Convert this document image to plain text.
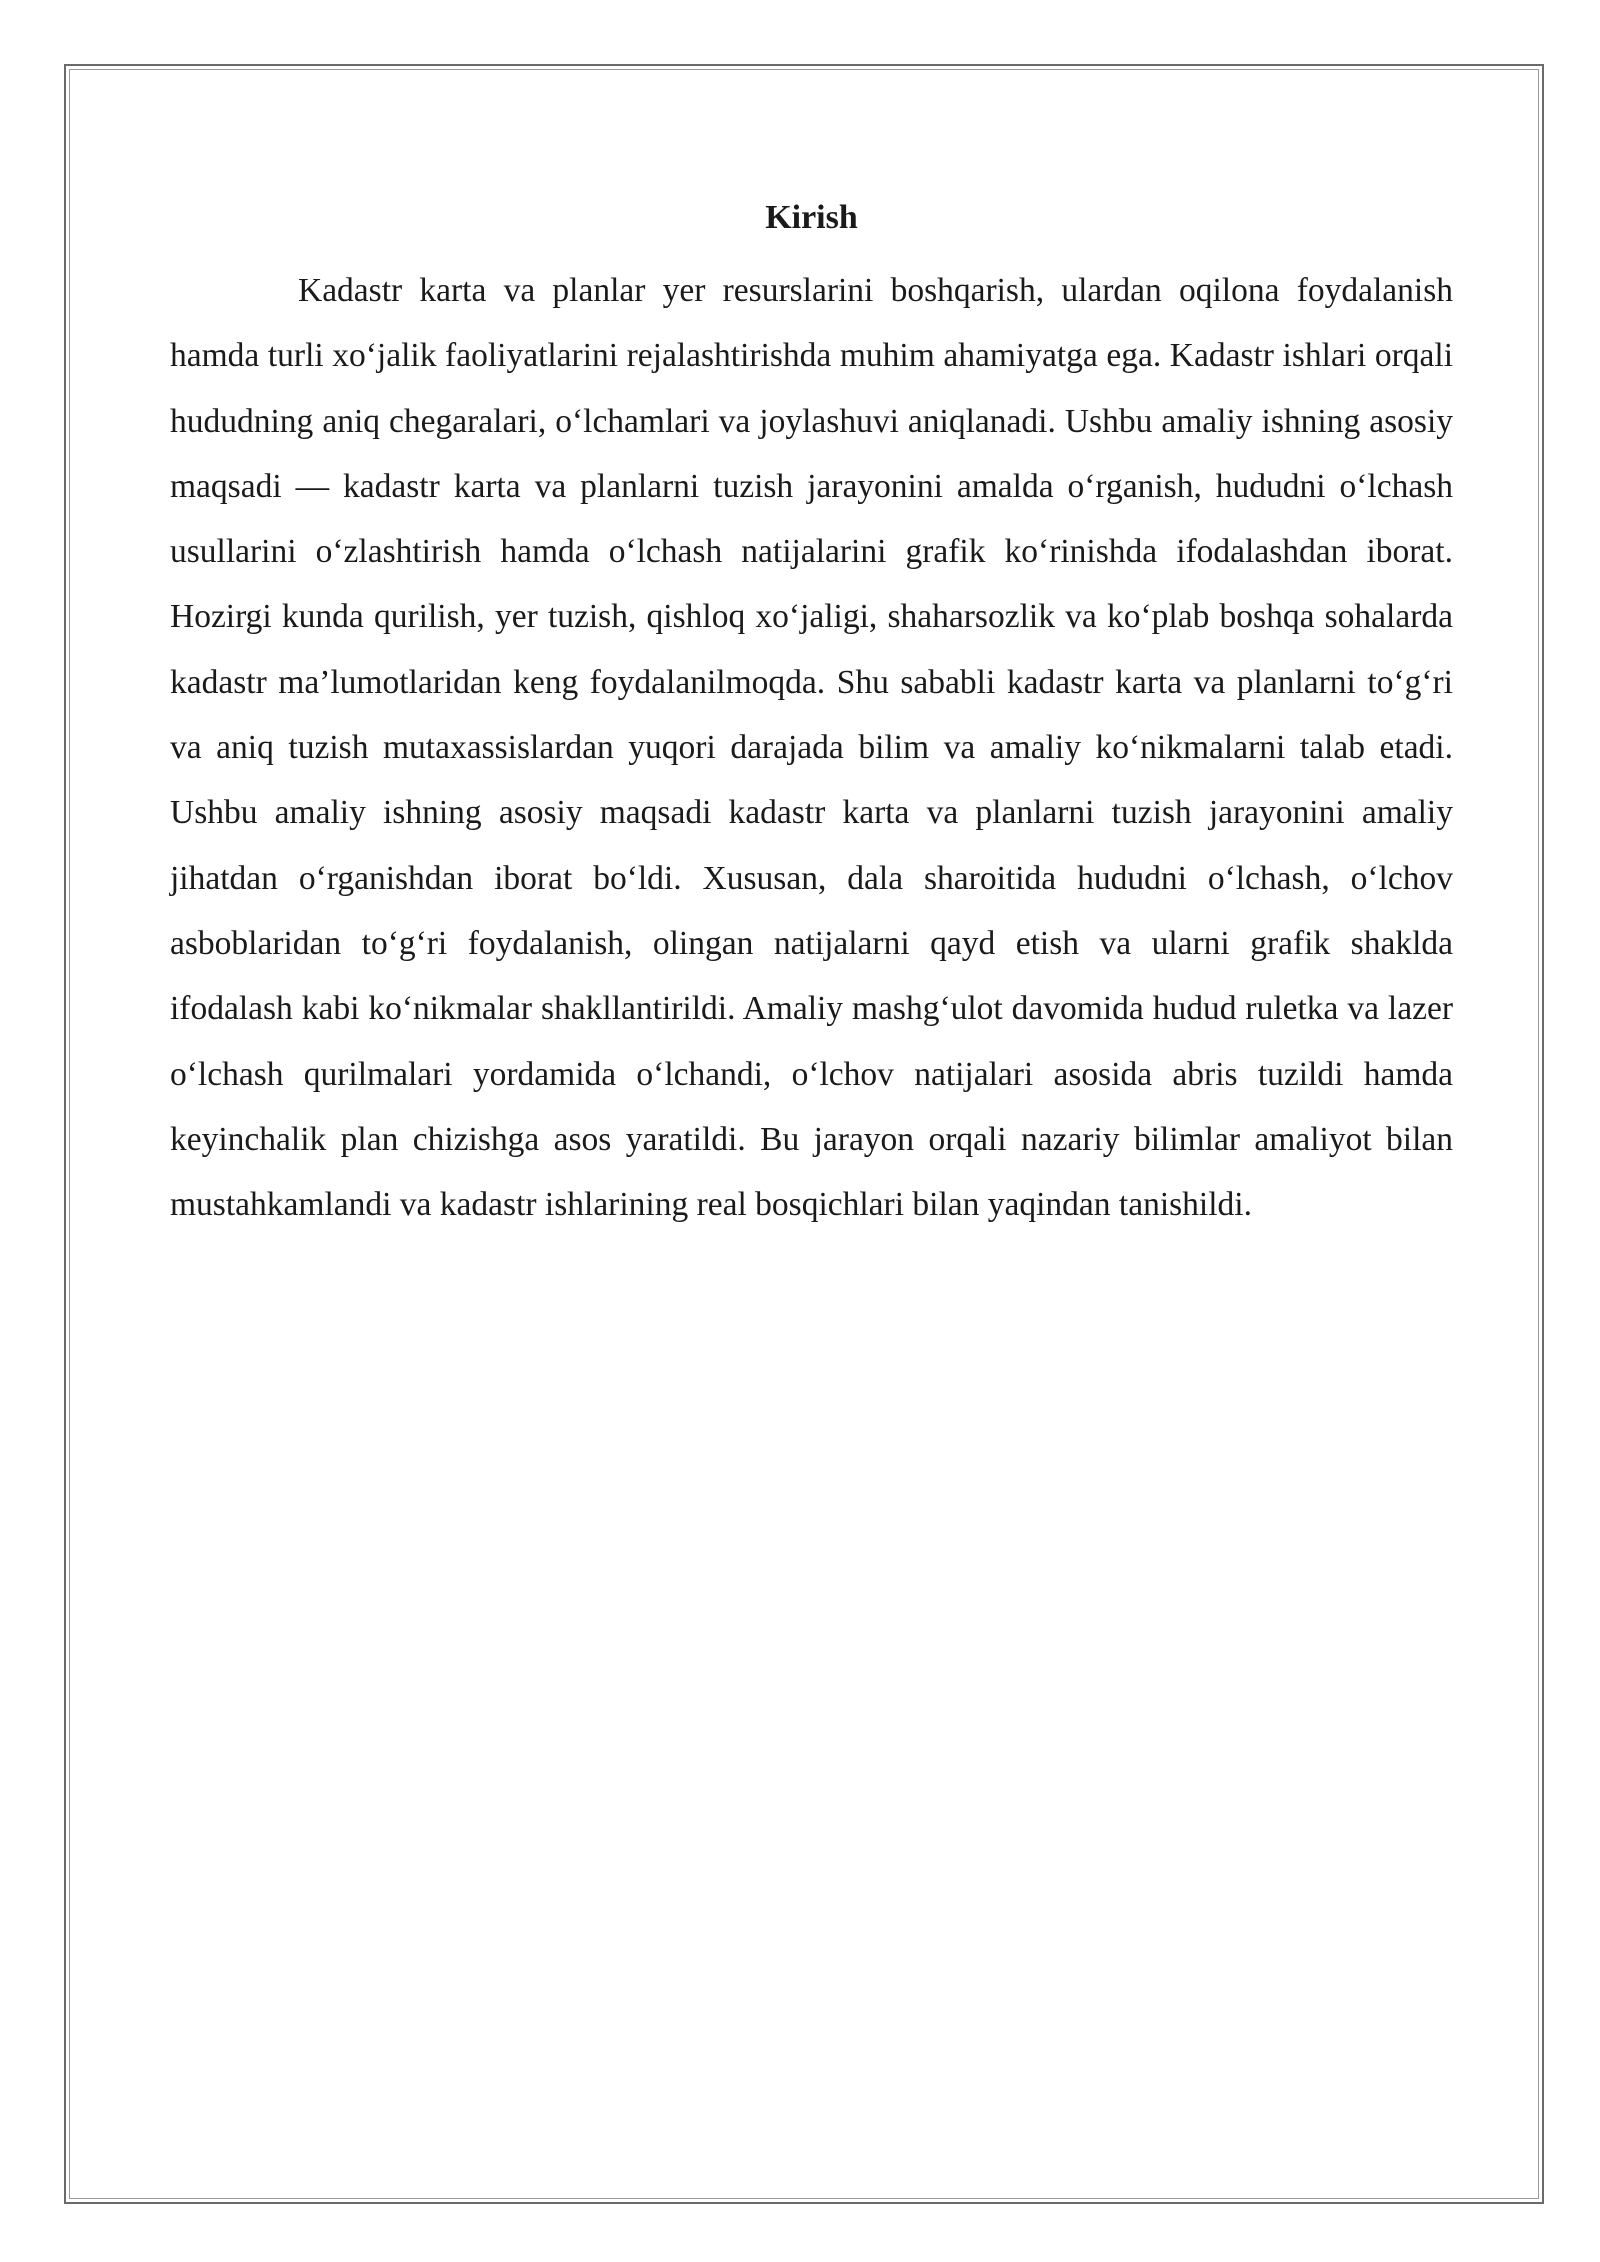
Kirish

Kadastr karta va planlar yer resurslarini boshqarish, ulardan oqilona foydalanish hamda turli xo‘jalik faoliyatlarini rejalashtirishda muhim ahamiyatga ega. Kadastr ishlari orqali hududning aniq chegaralari, o‘lchamlari va joylashuvi aniqlanadi. Ushbu amaliy ishning asosiy maqsadi — kadastr karta va planlarni tuzish jarayonini amalda o‘rganish, hududni o‘lchash usullarini o‘zlashtirish hamda o‘lchash natijalarini grafik ko‘rinishda ifodalashdan iborat. Hozirgi kunda qurilish, yer tuzish, qishloq xo‘jaligi, shaharsozlik va ko‘plab boshqa sohalarda kadastr ma’lumotlaridan keng foydalanilmoqda. Shu sababli kadastr karta va planlarni to‘g‘ri va aniq tuzish mutaxassislardan yuqori darajada bilim va amaliy ko‘nikmalarni talab etadi. Ushbu amaliy ishning asosiy maqsadi kadastr karta va planlarni tuzish jarayonini amaliy jihatdan o‘rganishdan iborat bo‘ldi. Xususan, dala sharoitida hududni o‘lchash, o‘lchov asboblaridan to‘g‘ri foydalanish, olingan natijalarni qayd etish va ularni grafik shaklda ifodalash kabi ko‘nikmalar shakllantirildi. Amaliy mashg‘ulot davomida hudud ruletka va lazer o‘lchash qurilmalari yordamida o‘lchandi, o‘lchov natijalari asosida abris tuzildi hamda keyinchalik plan chizishga asos yaratildi. Bu jarayon orqali nazariy bilimlar amaliyot bilan mustahkamlandi va kadastr ishlarining real bosqichlari bilan yaqindan tanishildi.
